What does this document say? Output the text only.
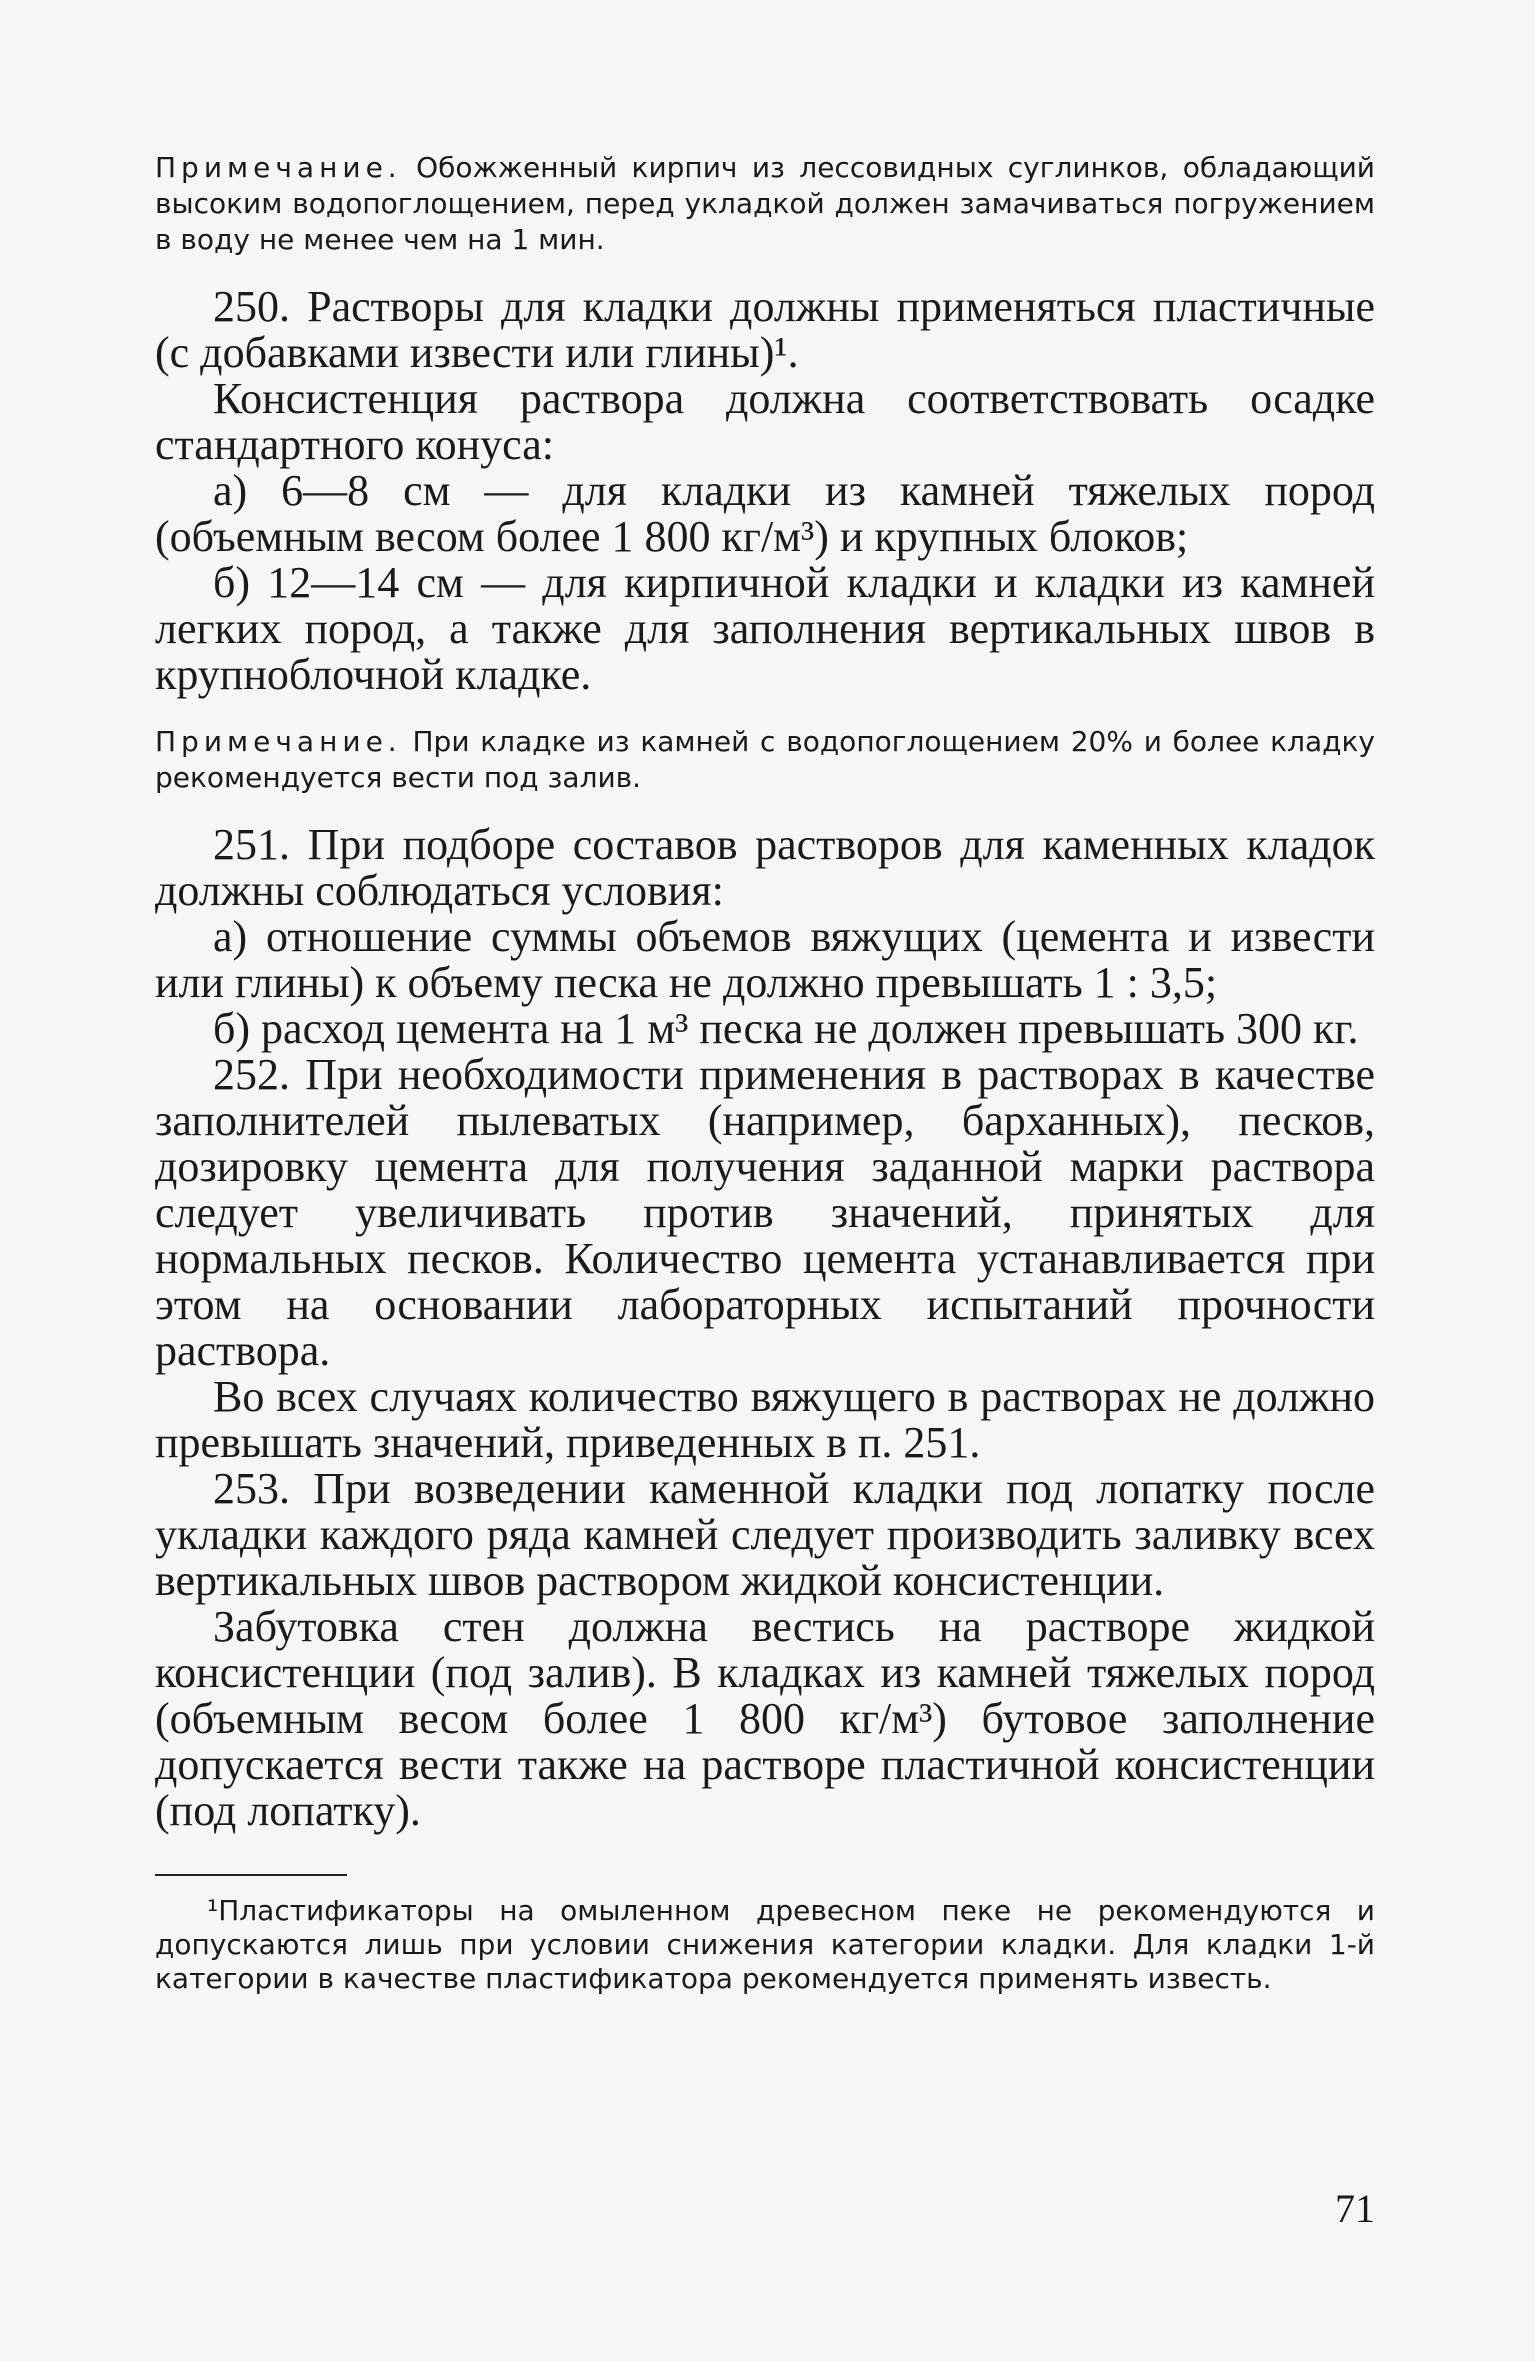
Примечание. Обожженный кирпич из лессовидных суглинков, обладающий высоким водопоглощением, перед укладкой должен замачиваться погружением в воду не менее чем на 1 мин.

250. Растворы для кладки должны применяться пластичные (с добавками извести или глины)¹.

Консистенция раствора должна соответствовать осадке стандартного конуса:

а) 6—8 см — для кладки из камней тяжелых пород (объемным весом более 1 800 кг/м³) и крупных блоков;

б) 12—14 см — для кирпичной кладки и кладки из камней легких пород, а также для заполнения вертикальных швов в крупноблочной кладке.

Примечание. При кладке из камней с водопоглощением 20% и более кладку рекомендуется вести под залив.

251. При подборе составов растворов для каменных кладок должны соблюдаться условия:

а) отношение суммы объемов вяжущих (цемента и извести или глины) к объему песка не должно превышать 1 : 3,5;

б) расход цемента на 1 м³ песка не должен превышать 300 кг.

252. При необходимости применения в растворах в качестве заполнителей пылеватых (например, барханных), песков, дозировку цемента для получения заданной марки раствора следует увеличивать против значений, принятых для нормальных песков. Количество цемента устанавливается при этом на основании лабораторных испытаний прочности раствора.

Во всех случаях количество вяжущего в растворах не должно превышать значений, приведенных в п. 251.

253. При возведении каменной кладки под лопатку после укладки каждого ряда камней следует производить заливку всех вертикальных швов раствором жидкой консистенции.

Забутовка стен должна вестись на растворе жидкой консистенции (под залив). В кладках из камней тяжелых пород (объемным весом более 1 800 кг/м³) бутовое заполнение допускается вести также на растворе пластичной консистенции (под лопатку).

¹Пластификаторы на омыленном древесном пеке не рекомендуются и допускаются лишь при условии снижения категории кладки. Для кладки 1-й категории в качестве пластификатора рекомендуется применять известь.

71
